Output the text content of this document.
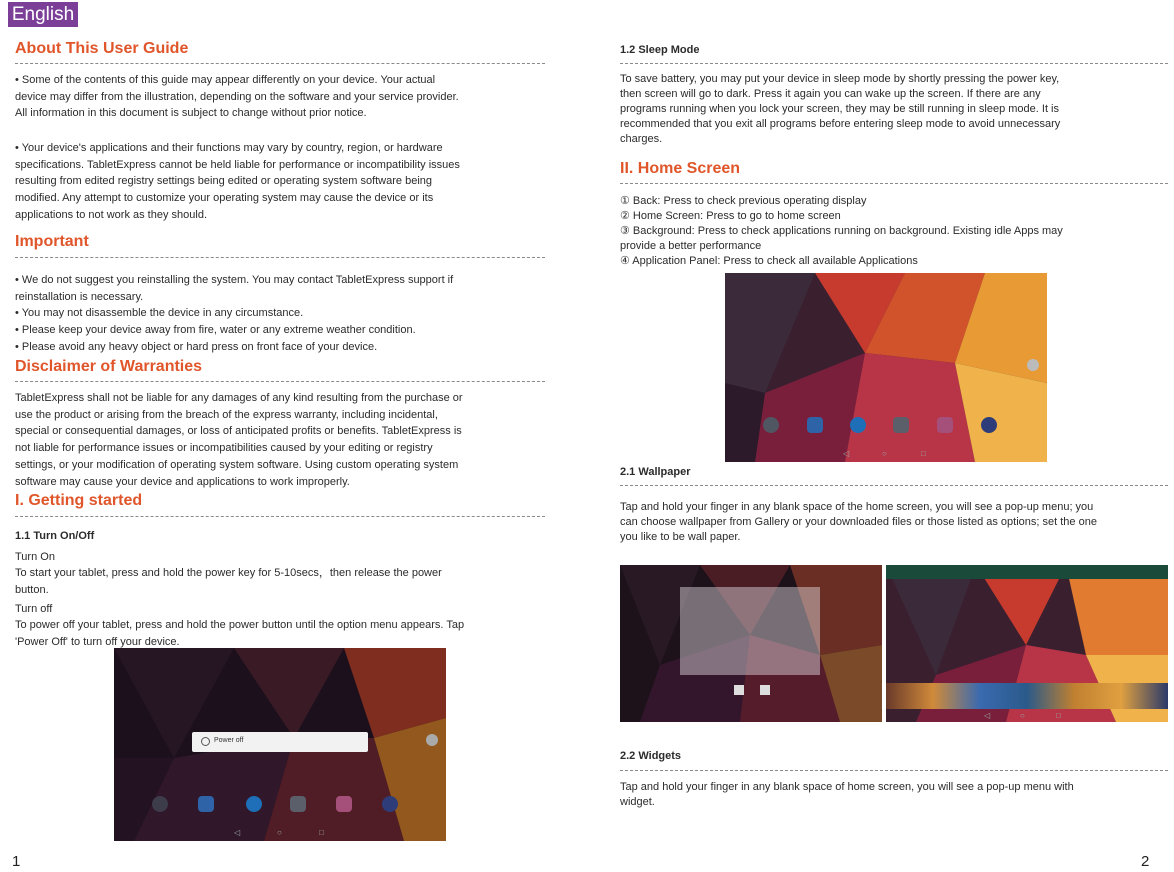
English
About This User Guide

• Some of the contents of this guide may appear differently on your device. Your actual
device may differ from the illustration, depending on the software and your service provider.
All information in this document is subject to change without prior notice.

• Your device's applications and their functions may vary by country, region, or hardware
specifications. TabletExpress cannot be held liable for performance or incompatibility issues
resulting from edited registry settings being edited or operating system software being
modified. Any attempt to customize your operating system may cause the device or its
applications to not work as they should.

Important

• We do not suggest you reinstalling the system. You may contact TabletExpress support if
reinstallation is necessary.
• You may not disassemble the device in any circumstance.
• Please keep your device away from fire, water or any extreme weather condition.
• Please avoid any heavy object or hard press on front face of your device.

Disclaimer of Warranties

TabletExpress shall not be liable for any damages of any kind resulting from the purchase or
use the product or arising from the breach of the express warranty, including incidental,
special or consequential damages, or loss of anticipated profits or benefits. TabletExpress is
not liable for performance issues or incompatibilities caused by your editing or registry
settings, or your modification of operating system software. Using custom operating system
software may cause your device and applications to work improperly.

I. Getting started

1.1 Turn On/Off

Turn On

To start your tablet, press and hold the power key for 5-10secs，then release the power
button.

Turn off

To power off your tablet, press and hold the power button until the option menu appears. Tap
'Power Off' to turn off your device.

Power off
◁	○	□
1

1.2 Sleep Mode

To save battery, you may put your device in sleep mode by shortly pressing the power key,
then screen will go to dark. Press it again you can wake up the screen. If there are any
programs running when you lock your screen, they may be still running in sleep mode. It is
recommended that you exit all programs before entering sleep mode to avoid unnecessary
charges.

II. Home Screen

① Back: Press to check previous operating display

② Home Screen: Press to go to home screen

③ Background: Press to check applications running on background. Existing idle Apps may
provide a better performance

④ Application Panel: Press to check all available Applications

◁	○	□

2.1 Wallpaper

Tap and hold your finger in any blank space of the home screen, you will see a pop-up menu; you
can choose wallpaper from Gallery or your downloaded files or those listed as options; set the one
you like to be wall paper.

◁	○	□

2.2 Widgets

Tap and hold your finger in any blank space of home screen, you will see a pop-up menu with
widget.

2
